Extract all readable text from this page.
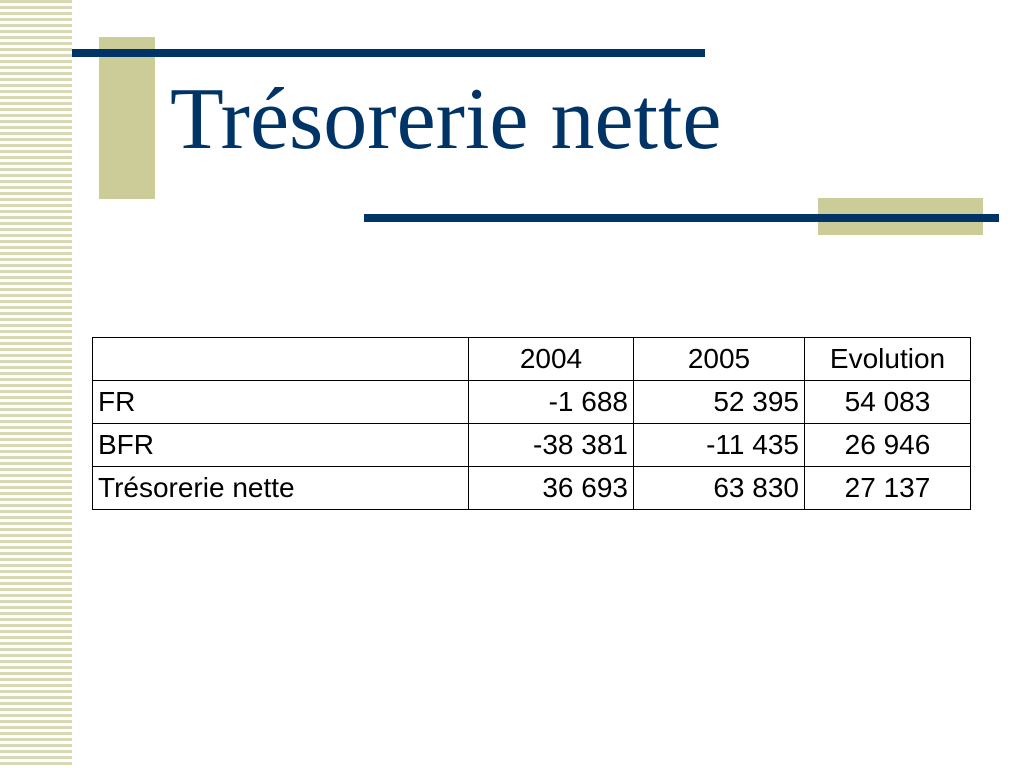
Trésorerie nette
	2004	2005	Evolution
FR	-1 688	52 395	54 083
BFR	-38 381	-11 435	26 946
Trésorerie nette	36 693	63 830	27 137
